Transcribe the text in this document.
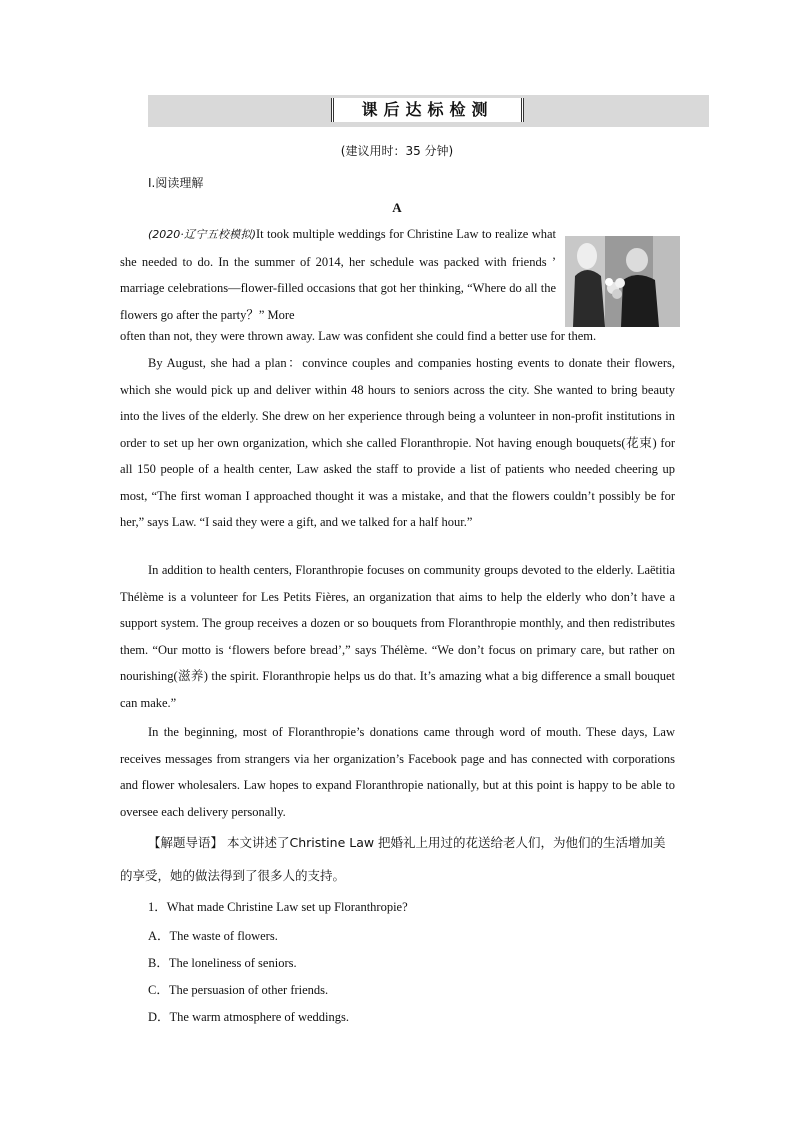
课后达标检测
(建议用时：35 分钟)
Ⅰ.阅读理解
A

(2020·辽宁五校模拟)It took multiple weddings for Christine Law to realize what she needed to do. In the summer of 2014, her schedule was packed with friends ’ marriage celebrations—flower-filled occasions that got her thinking, “Where do all the flowers go after the party？” More

often than not, they were thrown away. Law was confident she could find a better use for them.

By August, she had a plan：convince couples and companies hosting events to donate their flowers, which she would pick up and deliver within 48 hours to seniors across the city. She wanted to bring beauty into the lives of the elderly. She drew on her experience through being a volunteer in non-profit institutions in order to set up her own organization, which she called Floranthropie. Not having enough bouquets(花束) for all 150 people of a health center, Law asked the staff to provide a list of patients who needed cheering up most, “The first woman I approached thought it was a mistake, and that the flowers couldn’t possibly be for her,” says Law. “I said they were a gift, and we talked for a half hour.”

In addition to health centers, Floranthropie focuses on community groups devoted to the elderly. Laëtitia Thélème is a volunteer for Les Petits Fières, an organization that aims to help the elderly who don’t have a support system. The group receives a dozen or so bouquets from Floranthropie monthly, and then redistributes them. “Our motto is ‘flowers before bread’,” says Thélème. “We don’t focus on primary care, but rather on nourishing(滋养) the spirit. Floranthropie helps us do that. It’s amazing what a big difference a small bouquet can make.”

In the beginning, most of Floranthropie’s donations came through word of mouth. These days, Law receives messages from strangers via her organization’s Facebook page and has connected with corporations and flower wholesalers. Law hopes to expand Floranthropie nationally, but at this point is happy to be able to oversee each delivery personally.

【解题导语】 本文讲述了Christine Law 把婚礼上用过的花送给老人们，为他们的生活增加美的享受，她的做法得到了很多人的支持。

1．What made Christine Law set up Floranthropie?
A．The waste of flowers.
B．The loneliness of seniors.
C．The persuasion of other friends.
D．The warm atmosphere of weddings.
